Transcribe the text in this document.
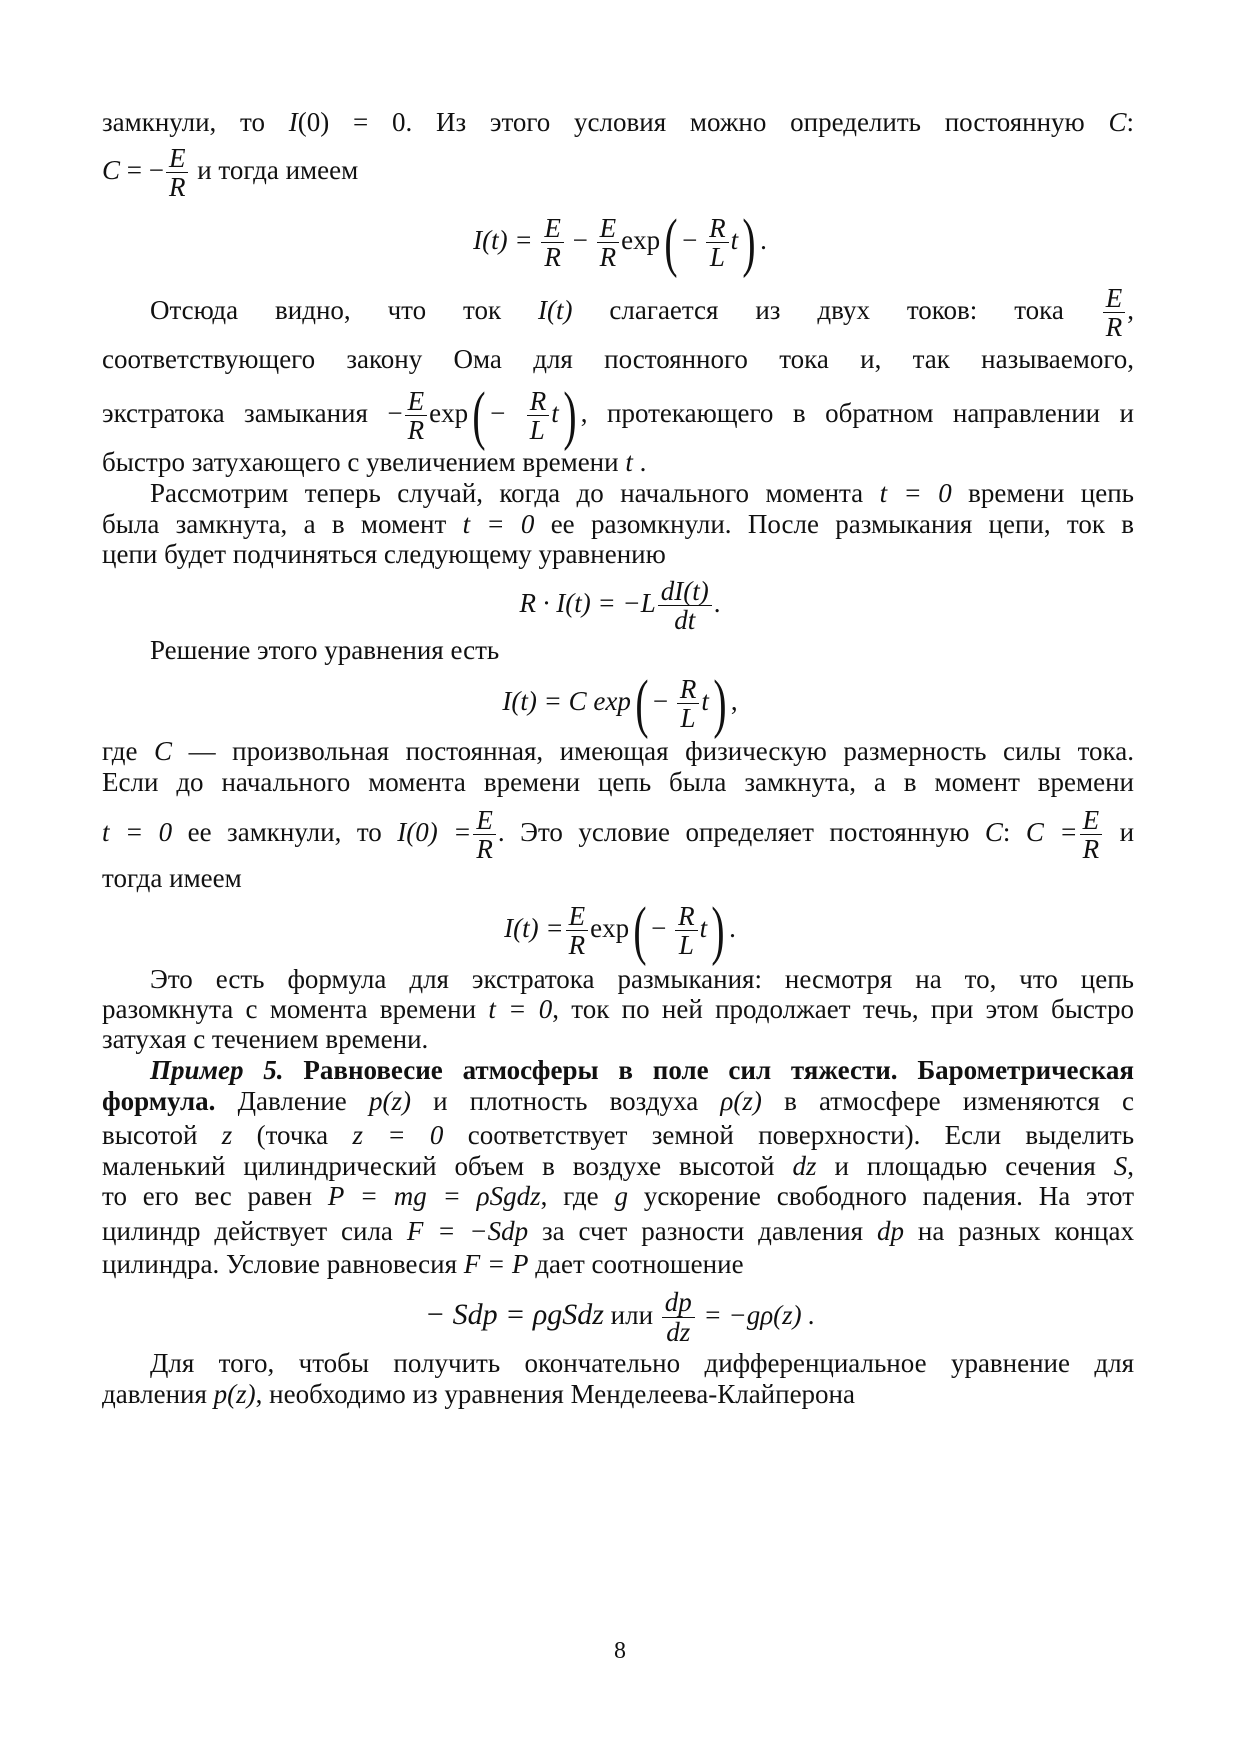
замкнули, то I(0) = 0. Из этого условия можно определить постоянную C:
C = − $\frac{E}{R}$ и тогда имеем
$I(t) = \frac{E}{R} - \frac{E}{R} \exp( - \frac{R}{L} t)$ .
Отсюда видно, что ток I(t) слагается из двух токов: тока $\frac{E}{R}$ ,
соответствующего закону Ома для постоянного тока и, так называемого,
экстратока замыкания − $\frac{E}{R} \exp( - \frac{R}{L} t)$ , протекающего в обратном направлении и
быстро затухающего с увеличением времени t .
Рассмотрим теперь случай, когда до начального момента t = 0 времени цепь
была замкнута, а в момент t = 0 ее разомкнули. После размыкания цепи, ток в
цепи будет подчиняться следующему уравнению
$R \cdot I(t) = -L \frac{dI(t)}{dt}$ .
Решение этого уравнения есть
I(t) = C $\exp( - \frac{R}{L} t)$ ,
где C — произвольная постоянная, имеющая физическую размерность силы тока.
Если до начального момента времени цепь была замкнута, а в момент времени
t = 0 ее замкнули, то $I(0) = \frac{E}{R}$ . Это условие определяет постоянную C: $C = \frac{E}{R}$ и
тогда имеем
$I(t) = \frac{E}{R} \exp( - \frac{R}{L} t)$ .
Это есть формула для экстратока размыкания: несмотря на то, что цепь
разомкнута с момента времени t = 0, ток по ней продолжает течь, при этом быстро
затухая с течением времени.
Пример 5. Равновесие атмосферы в поле сил тяжести. Барометрическая
формула. Давление p(z) и плотность воздуха ρ(z) в атмосфере изменяются с
высотой z (точка z = 0 соответствует земной поверхности). Если выделить
маленький цилиндрический объем в воздухе высотой dz и площадью сечения S,
то его вес равен P = mg = ρSgdz, где g ускорение свободного падения. На этот
цилиндр действует сила F = −Sdp за счет разности давления dp на разных концах
цилиндра. Условие равновесия F = P дает соотношение
− Sdp = ρgSdz или $\frac{dp}{dz} = -g\rho(z)$ .
Для того, чтобы получить окончательно дифференциальное уравнение для
давления p(z), необходимо из уравнения Менделеева-Клайперона
8
